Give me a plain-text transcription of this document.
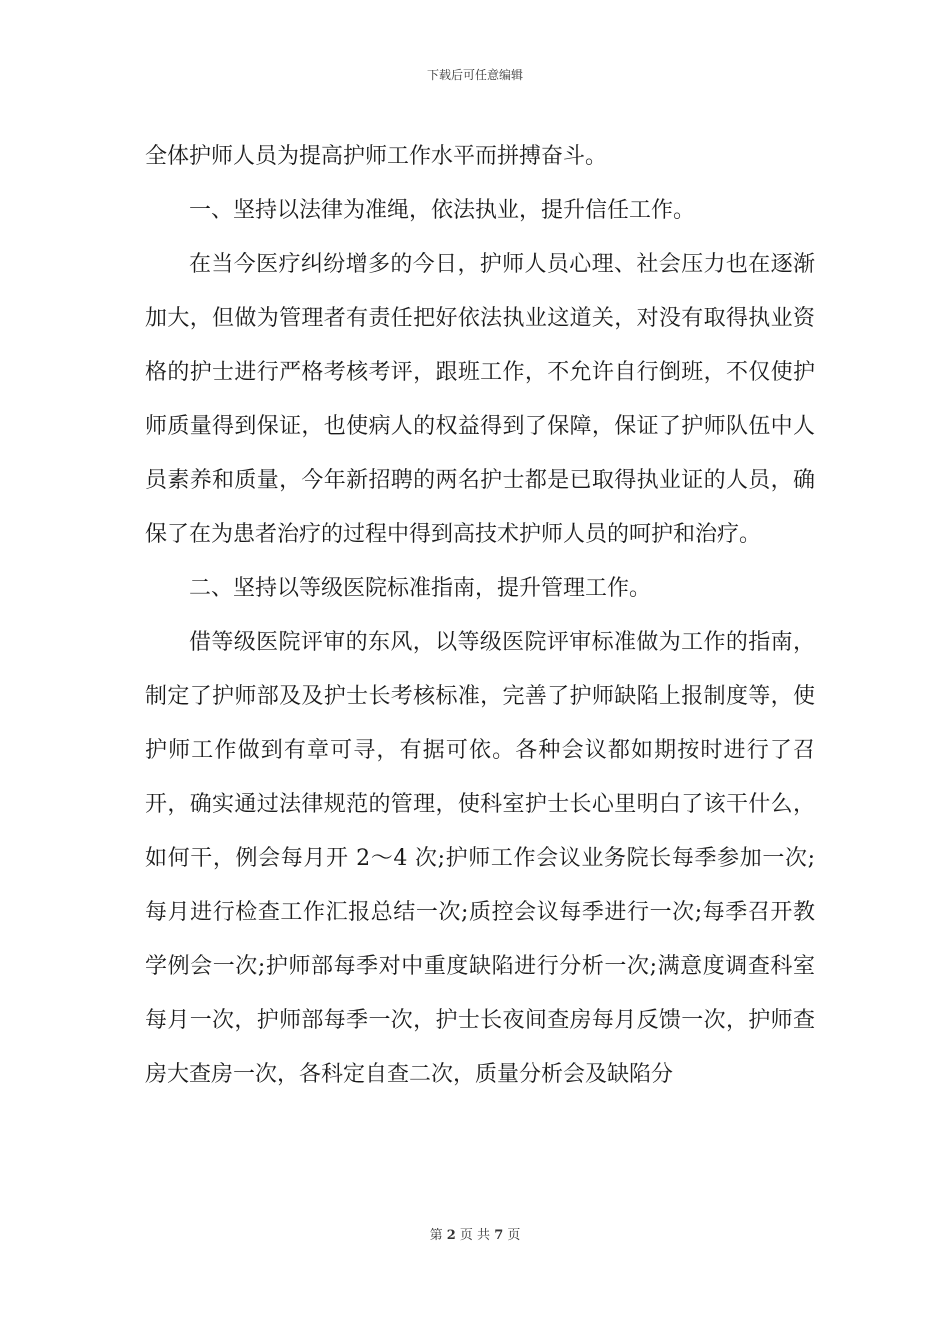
下载后可任意编辑

全体护师人员为提高护师工作水平而拼搏奋斗。

一、坚持以法律为准绳，依法执业，提升信任工作。

在当今医疗纠纷增多的今日，护师人员心理、社会压力也在逐渐加大，但做为管理者有责任把好依法执业这道关，对没有取得执业资格的护士进行严格考核考评，跟班工作，不允许自行倒班，不仅使护师质量得到保证，也使病人的权益得到了保障，保证了护师队伍中人员素养和质量，今年新招聘的两名护士都是已取得执业证的人员，确保了在为患者治疗的过程中得到高技术护师人员的呵护和治疗。

二、坚持以等级医院标准指南，提升管理工作。

借等级医院评审的东风，以等级医院评审标准做为工作的指南，制定了护师部及及护士长考核标准，完善了护师缺陷上报制度等，使护师工作做到有章可寻，有据可依。各种会议都如期按时进行了召开，确实通过法律规范的管理，使科室护士长心里明白了该干什么，如何干，例会每月开 2～4 次;护师工作会议业务院长每季参加一次;每月进行检查工作汇报总结一次;质控会议每季进行一次;每季召开教学例会一次;护师部每季对中重度缺陷进行分析一次;满意度调查科室每月一次，护师部每季一次，护士长夜间查房每月反馈一次，护师查房大查房一次，各科定自查二次，质量分析会及缺陷分

第 2 页 共 7 页
